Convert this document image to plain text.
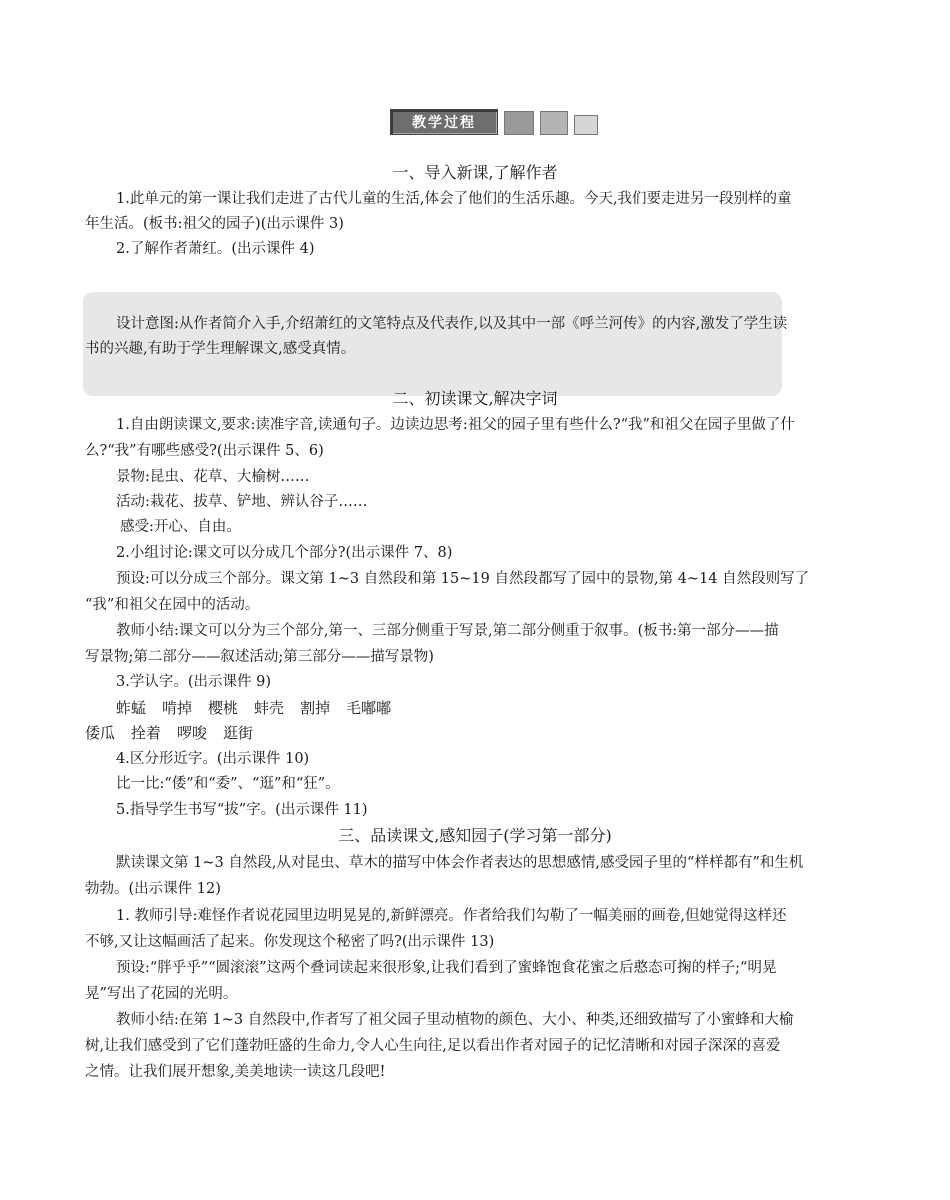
教学过程
一、导入新课,了解作者
1.此单元的第一课让我们走进了古代儿童的生活,体会了他们的生活乐趣。今天,我们要走进另一段别样的童
年生活。(板书:祖父的园子)(出示课件 3)
2.了解作者萧红。(出示课件 4)
设计意图:从作者简介入手,介绍萧红的文笔特点及代表作,以及其中一部《呼兰河传》的内容,激发了学生读
书的兴趣,有助于学生理解课文,感受真情。
二、初读课文,解决字词
1.自由朗读课文,要求:读准字音,读通句子。边读边思考:祖父的园子里有些什么?“我”和祖父在园子里做了什
么?“我”有哪些感受?(出示课件 5、6)
景物:昆虫、花草、大榆树……
活动:栽花、拔草、铲地、辨认谷子……
感受:开心、自由。
2.小组讨论:课文可以分成几个部分?(出示课件 7、8)
预设:可以分成三个部分。课文第 1~3 自然段和第 15~19 自然段都写了园中的景物,第 4~14 自然段则写了
“我”和祖父在园中的活动。
教师小结:课文可以分为三个部分,第一、三部分侧重于写景,第二部分侧重于叙事。(板书:第一部分——描
写景物;第二部分——叙述活动;第三部分——描写景物)
3.学认字。(出示课件 9)
蚱蜢 啃掉 樱桃 蚌壳 割掉 毛嘟嘟
倭瓜 拴着 啰唆 逛街
4.区分形近字。(出示课件 10)
比一比:“倭”和“委”、“逛”和“狂”。
5.指导学生书写“拔”字。(出示课件 11)
三、品读课文,感知园子(学习第一部分)
默读课文第 1~3 自然段,从对昆虫、草木的描写中体会作者表达的思想感情,感受园子里的“样样都有”和生机
勃勃。(出示课件 12)
1. 教师引导:难怪作者说花园里边明晃晃的,新鲜漂亮。作者给我们勾勒了一幅美丽的画卷,但她觉得这样还
不够,又让这幅画活了起来。你发现这个秘密了吗?(出示课件 13)
预设:“胖乎乎”“圆滚滚”这两个叠词读起来很形象,让我们看到了蜜蜂饱食花蜜之后憨态可掬的样子;“明晃
晃”写出了花园的光明。
教师小结:在第 1~3 自然段中,作者写了祖父园子里动植物的颜色、大小、种类,还细致描写了小蜜蜂和大榆
树,让我们感受到了它们蓬勃旺盛的生命力,令人心生向往,足以看出作者对园子的记忆清晰和对园子深深的喜爱
之情。让我们展开想象,美美地读一读这几段吧!
